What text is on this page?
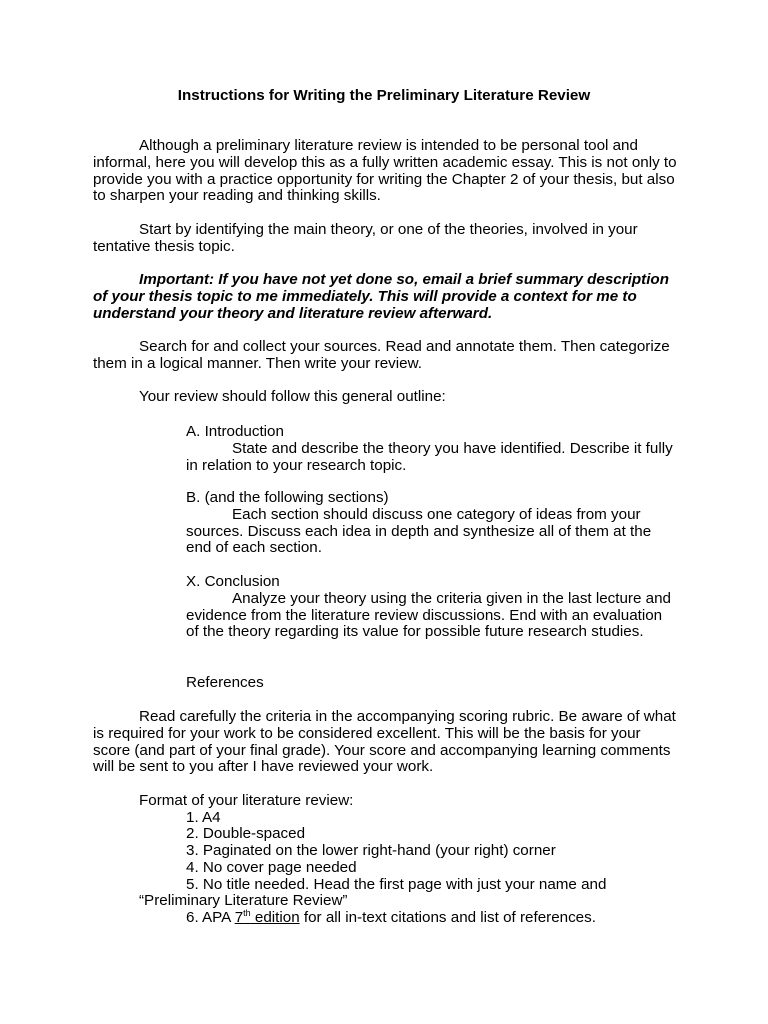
Instructions for Writing the Preliminary Literature Review

Although a preliminary literature review is intended to be personal tool and informal, here you will develop this as a fully written academic essay. This is not only to provide you with a practice opportunity for writing the Chapter 2 of your thesis, but also to sharpen your reading and thinking skills.

Start by identifying the main theory, or one of the theories, involved in your tentative thesis topic.

Important: If you have not yet done so, email a brief summary description of your thesis topic to me immediately. This will provide a context for me to understand your theory and literature review afterward.

Search for and collect your sources. Read and annotate them. Then categorize them in a logical manner. Then write your review.

Your review should follow this general outline:

A. Introduction
State and describe the theory you have identified. Describe it fully in relation to your research topic.
B. (and the following sections)
Each section should discuss one category of ideas from your sources. Discuss each idea in depth and synthesize all of them at the end of each section.
X. Conclusion
Analyze your theory using the criteria given in the last lecture and evidence from the literature review discussions. End with an evaluation of the theory regarding its value for possible future research studies.
References

Read carefully the criteria in the accompanying scoring rubric. Be aware of what is required for your work to be considered excellent. This will be the basis for your score (and part of your final grade). Your score and accompanying learning comments will be sent to you after I have reviewed your work.

Format of your literature review:
1. A4
2. Double-spaced
3. Paginated on the lower right-hand (your right) corner
4. No cover page needed
5. No title needed. Head the first page with just your name and
“Preliminary Literature Review”
6. APA 7th edition for all in-text citations and list of references.
